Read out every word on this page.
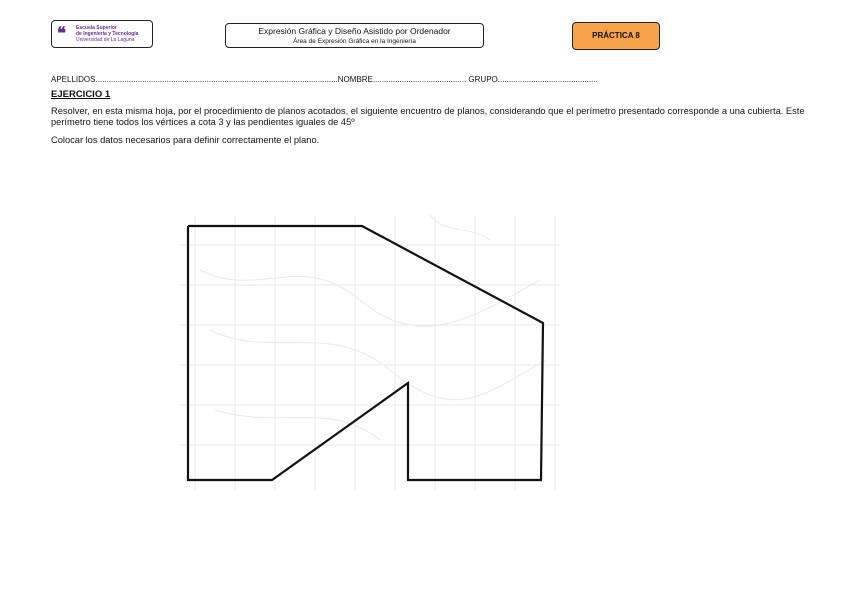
❛❛ Escuela Superior
de Ingeniería y Tecnología
Universidad de La Laguna
Expresión Gráfica y Diseño Asistido por Ordenador
Área de Expresión Gráfica en la Ingeniería
PRÁCTICA 8
APELLIDOS.............................................................................................................NOMBRE.......................................... GRUPO.............................................
EJERCICIO 1
Resolver, en esta misma hoja, por el procedimiento de planos acotados, el siguiente encuentro de planos, considerando que el perímetro presentado corresponde a una cubierta. Este perímetro tiene todos los vértices a cota 3 y las pendientes iguales de 45º
Colocar los datos necesarios para definir correctamente el plano.
